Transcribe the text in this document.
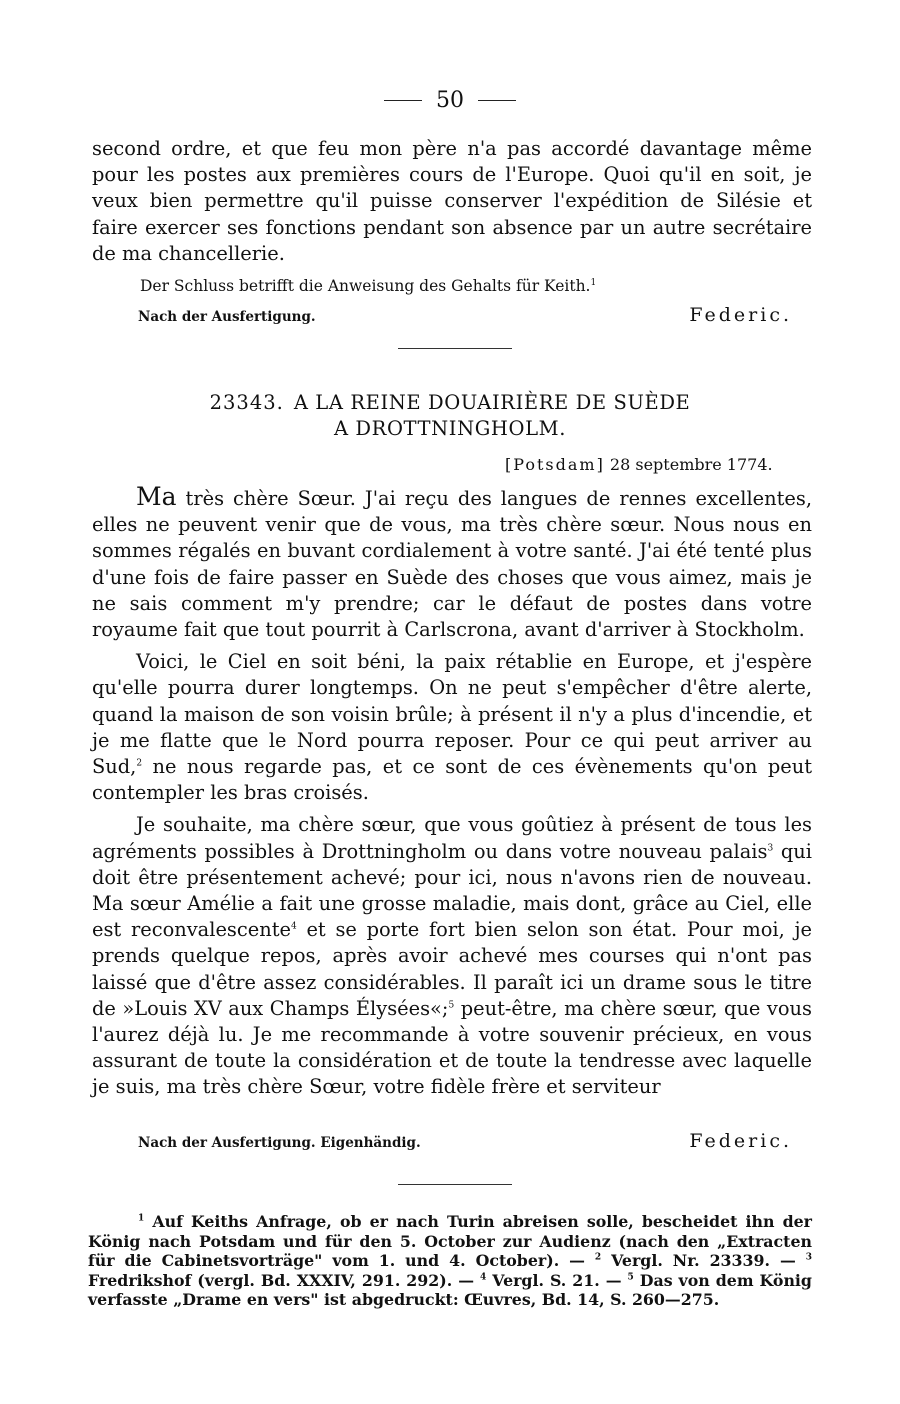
50

second ordre, et que feu mon père n'a pas accordé davantage même pour les postes aux premières cours de l'Europe. Quoi qu'il en soit, je veux bien permettre qu'il puisse conserver l'expédition de Silésie et faire exercer ses fonctions pendant son absence par un autre secrétaire de ma chancellerie.

Der Schluss betrifft die Anweisung des Gehalts für Keith.$^1$
Nach der Ausfertigung.	Federic.
23343. A LA REINE DOUAIRIÈRE DE SUÈDE
A DROTTNINGHOLM.
[Potsdam] 28 septembre 1774.

Ma très chère Sœur. J'ai reçu des langues de rennes excellentes, elles ne peuvent venir que de vous, ma très chère sœur. Nous nous en sommes régalés en buvant cordialement à votre santé. J'ai été tenté plus d'une fois de faire passer en Suède des choses que vous aimez, mais je ne sais comment m'y prendre; car le défaut de postes dans votre royaume fait que tout pourrit à Carlscrona, avant d'arriver à Stockholm.

Voici, le Ciel en soit béni, la paix rétablie en Europe, et j'espère qu'elle pourra durer longtemps. On ne peut s'empêcher d'être alerte, quand la maison de son voisin brûle; à présent il n'y a plus d'incendie, et je me flatte que le Nord pourra reposer. Pour ce qui peut arriver au Sud,$^2$ ne nous regarde pas, et ce sont de ces évènements qu'on peut contempler les bras croisés.

Je souhaite, ma chère sœur, que vous goûtiez à présent de tous les agréments possibles à Drottningholm ou dans votre nouveau palais$^3$ qui doit être présentement achevé; pour ici, nous n'avons rien de nouveau. Ma sœur Amélie a fait une grosse maladie, mais dont, grâce au Ciel, elle est reconvalescente$^4$ et se porte fort bien selon son état. Pour moi, je prends quelque repos, après avoir achevé mes courses qui n'ont pas laissé que d'être assez considérables. Il paraît ici un drame sous le titre de »Louis XV aux Champs Élysées«;$^5$ peut-être, ma chère sœur, que vous l'aurez déjà lu. Je me recommande à votre souvenir précieux, en vous assurant de toute la considération et de toute la tendresse avec laquelle je suis, ma très chère Sœur, votre fidèle frère et serviteur

Nach der Ausfertigung. Eigenhändig.	Federic.

$^1$ Auf Keiths Anfrage, ob er nach Turin abreisen solle, bescheidet ihn der König nach Potsdam und für den 5. October zur Audienz (nach den „Extracten für die Cabinetsvorträge" vom 1. und 4. October). — $^2$ Vergl. Nr. 23339. — $^3$ Fredrikshof (vergl. Bd. XXXIV, 291. 292). — $^4$ Vergl. S. 21. — $^5$ Das von dem König verfasste „Drame en vers" ist abgedruckt: Œuvres, Bd. 14, S. 260—275.
